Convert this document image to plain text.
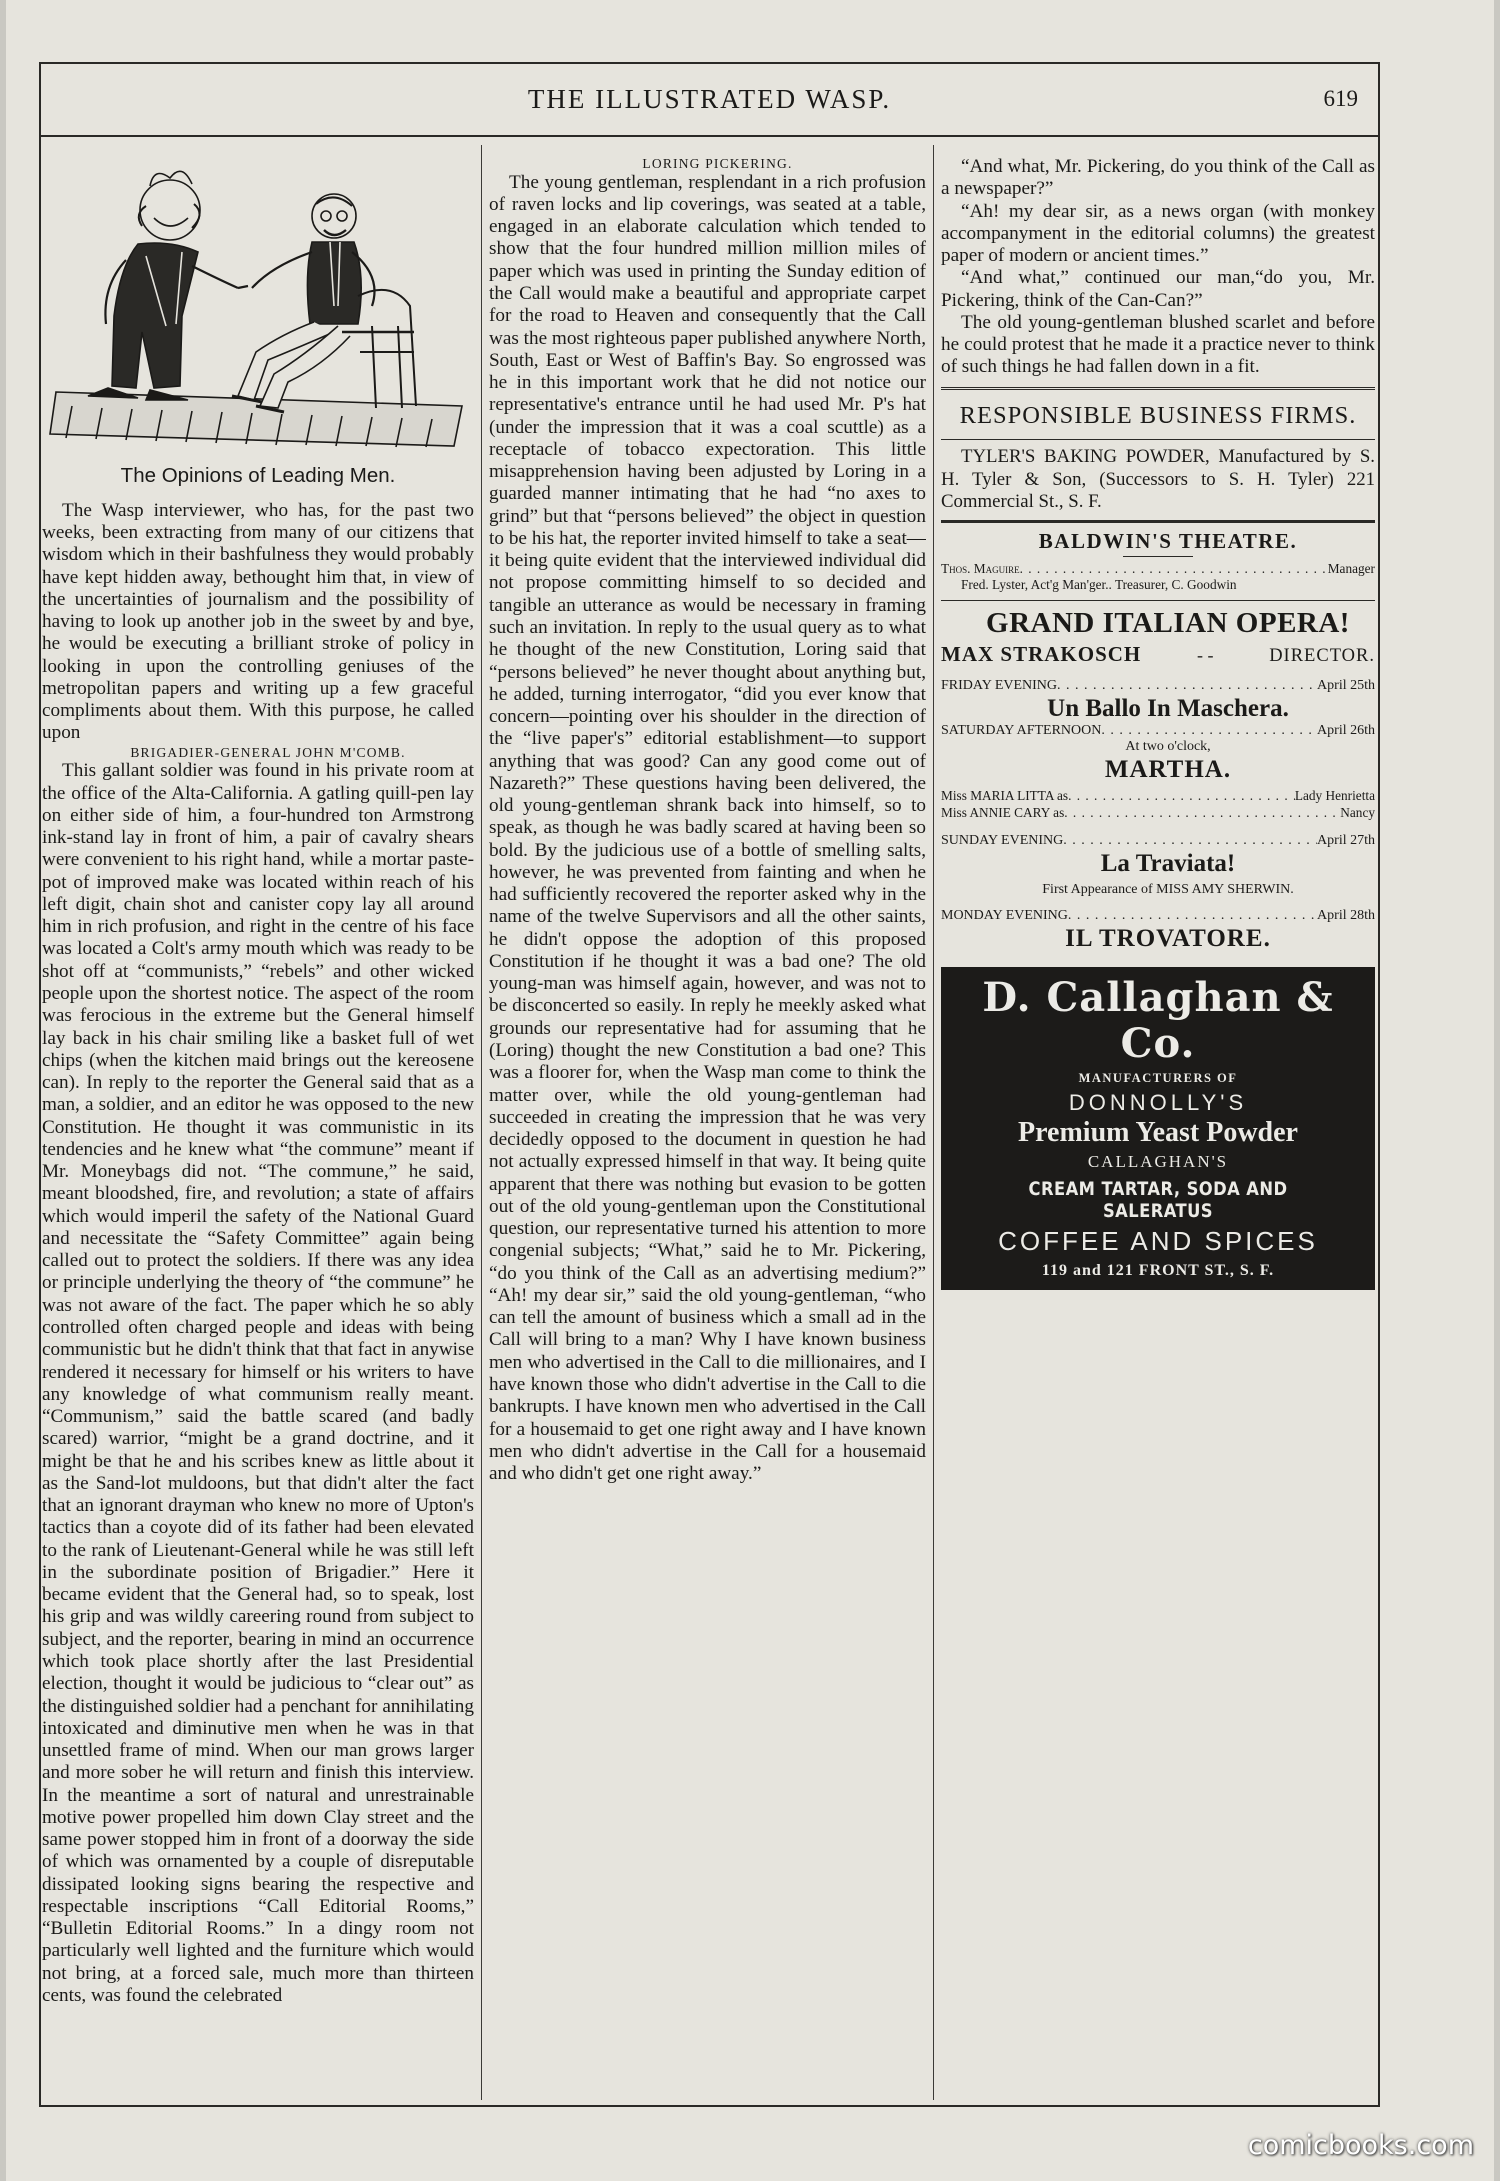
THE ILLUSTRATED WASP.	619

The Opinions of Leading Men.

The Wasp interviewer, who has, for the past two weeks, been extracting from many of our citizens that wisdom which in their bashfulness they would probably have kept hidden away, bethought him that, in view of the uncertainties of journalism and the possibility of having to look up another job in the sweet by and bye, he would be executing a brilliant stroke of policy in looking in upon the controlling geniuses of the metropolitan papers and writing up a few graceful compliments about them. With this purpose, he called upon

BRIGADIER-GENERAL JOHN M'COMB.

This gallant soldier was found in his private room at the office of the Alta-California. A gatling quill-pen lay on either side of him, a four-hundred ton Armstrong ink-stand lay in front of him, a pair of cavalry shears were convenient to his right hand, while a mortar paste-pot of improved make was located within reach of his left digit, chain shot and canister copy lay all around him in rich profusion, and right in the centre of his face was located a Colt's army mouth which was ready to be shot off at “communists,” “rebels” and other wicked people upon the shortest notice. The aspect of the room was ferocious in the extreme but the General himself lay back in his chair smiling like a basket full of wet chips (when the kitchen maid brings out the kereosene can). In reply to the reporter the General said that as a man, a soldier, and an editor he was opposed to the new Constitution. He thought it was communistic in its tendencies and he knew what “the commune” meant if Mr. Moneybags did not. “The commune,” he said, meant bloodshed, fire, and revolution; a state of affairs which would imperil the safety of the National Guard and necessitate the “Safety Committee” again being called out to protect the soldiers. If there was any idea or principle underlying the theory of “the commune” he was not aware of the fact. The paper which he so ably controlled often charged people and ideas with being communistic but he didn't think that that fact in anywise rendered it necessary for himself or his writers to have any knowledge of what communism really meant. “Communism,” said the battle scared (and badly scared) warrior, “might be a grand doctrine, and it might be that he and his scribes knew as little about it as the Sand-lot muldoons, but that didn't alter the fact that an ignorant drayman who knew no more of Upton's tactics than a coyote did of its father had been elevated to the rank of Lieutenant-General while he was still left in the subordinate position of Brigadier.” Here it became evident that the General had, so to speak, lost his grip and was wildly careering round from subject to subject, and the reporter, bearing in mind an occurrence which took place shortly after the last Presidential election, thought it would be judicious to “clear out” as the distinguished soldier had a penchant for annihilating intoxicated and diminutive men when he was in that unsettled frame of mind. When our man grows larger and more sober he will return and finish this interview. In the meantime a sort of natural and unrestrainable motive power propelled him down Clay street and the same power stopped him in front of a doorway the side of which was ornamented by a couple of disreputable dissipated looking signs bearing the respective and respectable inscriptions “Call Editorial Rooms,” “Bulletin Editorial Rooms.” In a dingy room not particularly well lighted and the furniture which would not bring, at a forced sale, much more than thirteen cents, was found the celebrated

LORING PICKERING.

The young gentleman, resplendant in a rich profusion of raven locks and lip coverings, was seated at a table, engaged in an elaborate calculation which tended to show that the four hundred million million miles of paper which was used in printing the Sunday edition of the Call would make a beautiful and appropriate carpet for the road to Heaven and consequently that the Call was the most righteous paper published anywhere North, South, East or West of Baffin's Bay. So engrossed was he in this important work that he did not notice our representative's entrance until he had used Mr. P's hat (under the impression that it was a coal scuttle) as a receptacle of tobacco expectoration. This little misapprehension having been adjusted by Loring in a guarded manner intimating that he had “no axes to grind” but that “persons believed” the object in question to be his hat, the reporter invited himself to take a seat—it being quite evident that the interviewed individual did not propose committing himself to so decided and tangible an utterance as would be necessary in framing such an invitation. In reply to the usual query as to what he thought of the new Constitution, Loring said that “persons believed” he never thought about anything but, he added, turning interrogator, “did you ever know that concern—pointing over his shoulder in the direction of the “live paper's” editorial establishment—to support anything that was good? Can any good come out of Nazareth?” These questions having been delivered, the old young-gentleman shrank back into himself, so to speak, as though he was badly scared at having been so bold. By the judicious use of a bottle of smelling salts, however, he was prevented from fainting and when he had sufficiently recovered the reporter asked why in the name of the twelve Supervisors and all the other saints, he didn't oppose the adoption of this proposed Constitution if he thought it was a bad one? The old young-man was himself again, however, and was not to be disconcerted so easily. In reply he meekly asked what grounds our representative had for assuming that he (Loring) thought the new Constitution a bad one? This was a floorer for, when the Wasp man come to think the matter over, while the old young-gentleman had succeeded in creating the impression that he was very decidedly opposed to the document in question he had not actually expressed himself in that way. It being quite apparent that there was nothing but evasion to be gotten out of the old young-gentleman upon the Constitutional question, our representative turned his attention to more congenial subjects; “What,” said he to Mr. Pickering, “do you think of the Call as an advertising medium?” “Ah! my dear sir,” said the old young-gentleman, “who can tell the amount of business which a small ad in the Call will bring to a man? Why I have known business men who advertised in the Call to die millionaires, and I have known those who didn't advertise in the Call to die bankrupts. I have known men who advertised in the Call for a housemaid to get one right away and I have known men who didn't advertise in the Call for a housemaid and who didn't get one right away.”

“And what, Mr. Pickering, do you think of the Call as a newspaper?”

“Ah! my dear sir, as a news organ (with monkey accompanyment in the editorial columns) the greatest paper of modern or ancient times.”

“And what,” continued our man,“do you, Mr. Pickering, think of the Can-Can?”

The old young-gentleman blushed scarlet and before he could protest that he made it a practice never to think of such things he had fallen down in a fit.

RESPONSIBLE BUSINESS FIRMS.

TYLER'S BAKING POWDER, Manufactured by S. H. Tyler & Son, (Successors to S. H. Tyler) 221 Commercial St., S. F.

BALDWIN'S THEATRE.

Thos. Maguire . . .	Manager

Fred. Lyster, Act'g Man'ger.. Treasurer, C. Goodwin

GRAND ITALIAN OPERA!

MAX STRAKOSCH	- -	DIRECTOR.
FRIDAY EVENING . . .	April 25th

Un Ballo In Maschera.

SATURDAY AFTERNOON . . .	April 26th

At two o'clock,

MARTHA.

Miss MARIA LITTA as . . .	Lady Henrietta
Miss ANNIE CARY as . . .	Nancy
SUNDAY EVENING . . .	April 27th

La Traviata!

First Appearance of MISS AMY SHERWIN.

MONDAY EVENING . . .	April 28th

IL TROVATORE.

D. Callaghan & Co.
MANUFACTURERS OF
DONNOLLY'S
Premium Yeast Powder
CALLAGHAN'S
CREAM TARTAR, SODA AND SALERATUS
COFFEE AND SPICES
119 and 121 FRONT ST., S. F.
comicbooks.com
